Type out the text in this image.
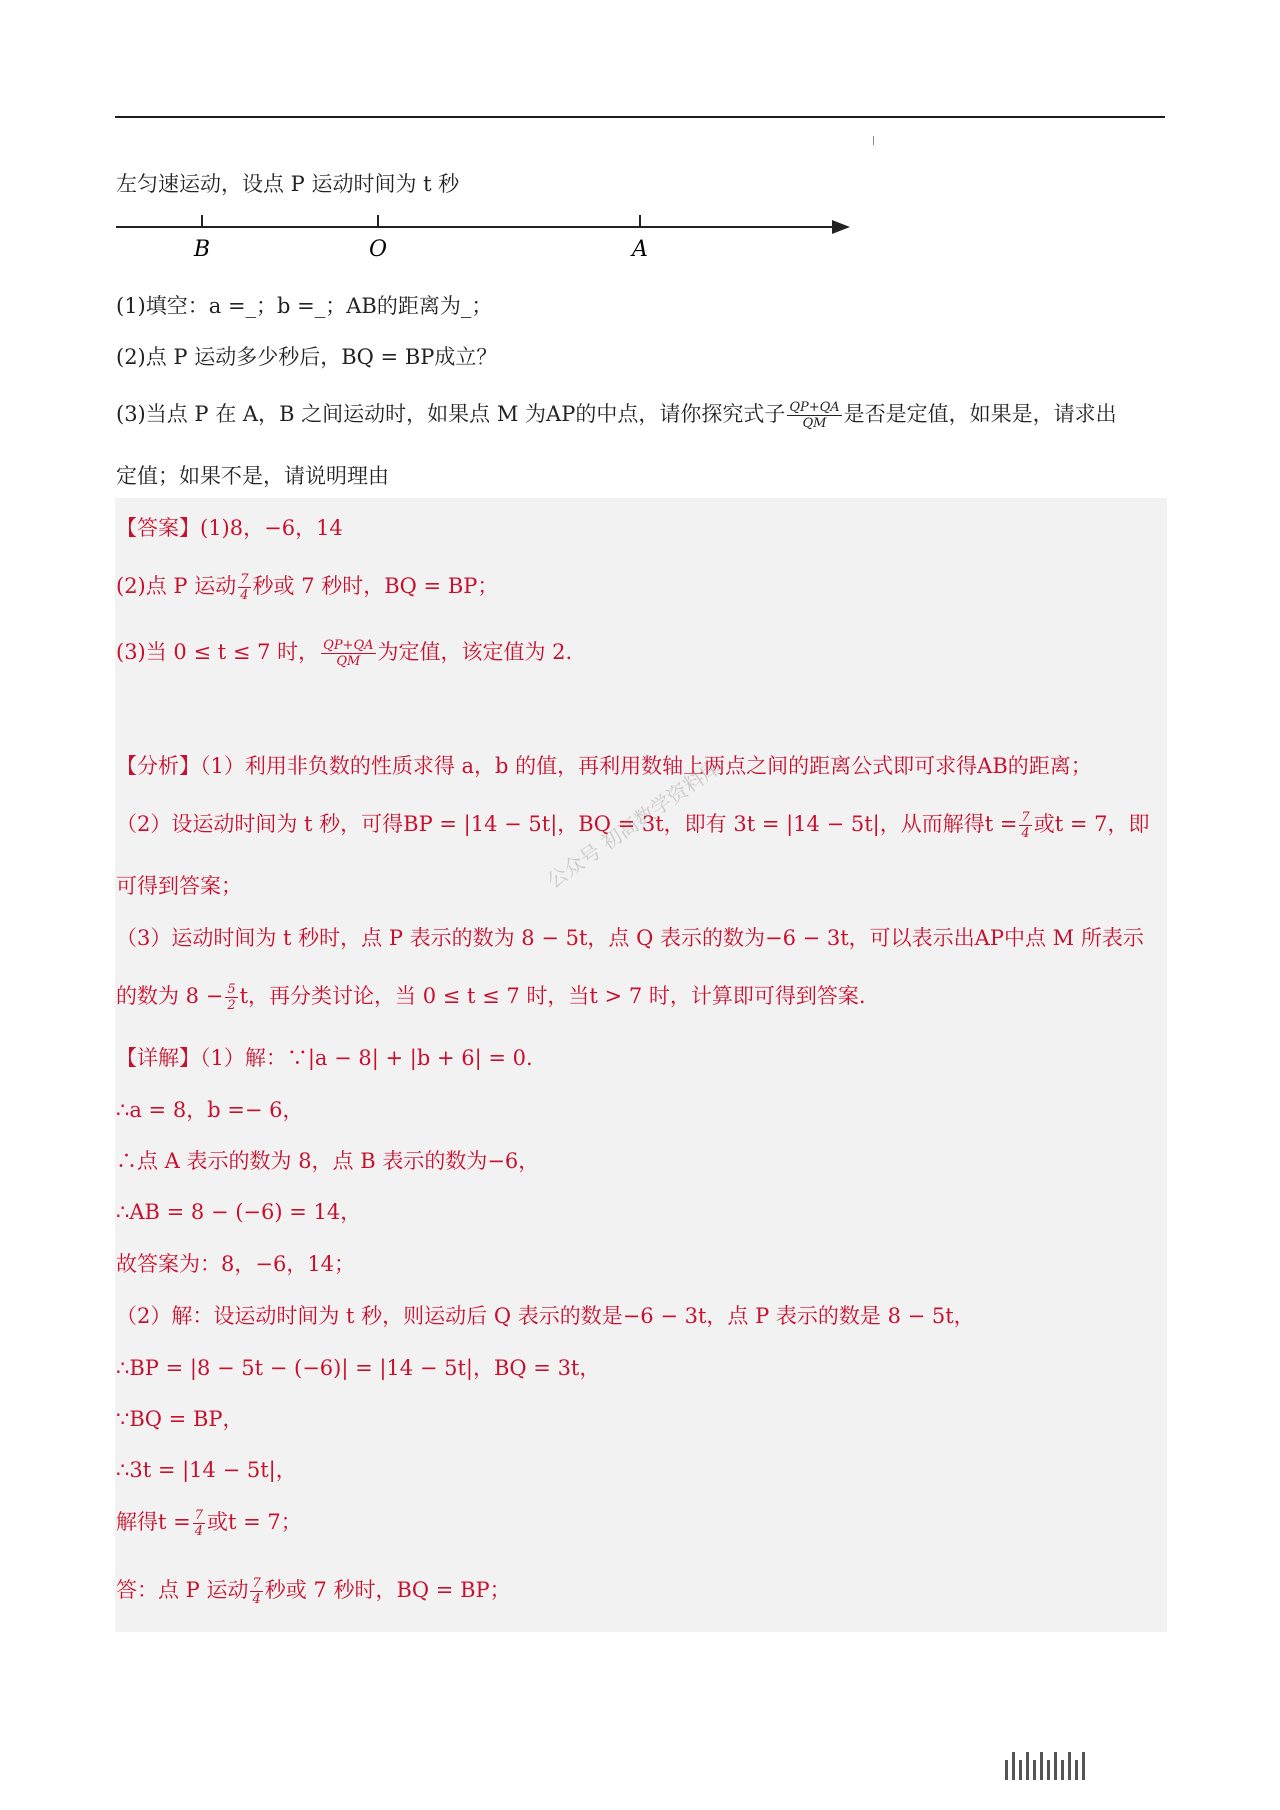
左匀速运动，设点 P 运动时间为 t 秒
B	O	A
(1)填空：a =_；b =_；AB的距离为_；
(2)点 P 运动多少秒后，BQ = BP成立？
(3)当点 P 在 A，B 之间运动时，如果点 M 为AP的中点，请你探究式子 $\frac{QP+QA}{QM}$ 是否是定值，如果是，请求出
定值；如果不是，请说明理由
公众号 初高数学资料库
【答案】(1)8，−6，14
(2)点 P 运动 $\frac{7}{4}$ 秒或 7 秒时，BQ = BP；
(3)当 0 ≤ t ≤ 7 时， $\frac{QP+QA}{QM}$ 为定值，该定值为 2.
【分析】（1）利用非负数的性质求得 a，b 的值，再利用数轴上两点之间的距离公式即可求得AB的距离；
（2）设运动时间为 t 秒，可得BP = |14 − 5t|，BQ = 3t，即有 3t = |14 − 5t|，从而解得$t = \frac{7}{4}$ 或t = 7，即
可得到答案；
（3）运动时间为 t 秒时，点 P 表示的数为 8 − 5t，点 Q 表示的数为−6 − 3t，可以表示出AP中点 M 所表示
的数为 $8 - \frac{5}{2}$ t，再分类讨论，当 0 ≤ t ≤ 7 时，当t > 7 时，计算即可得到答案.
【详解】（1）解：∵|a − 8| + |b + 6| = 0.
∴a = 8，b =− 6，
∴点 A 表示的数为 8，点 B 表示的数为−6，
∴AB = 8 − (−6) = 14，
故答案为：8，−6，14；
（2）解：设运动时间为 t 秒，则运动后 Q 表示的数是−6 − 3t，点 P 表示的数是 8 − 5t，
∴BP = |8 − 5t − (−6)| = |14 − 5t|，BQ = 3t，
∵BQ = BP，
∴3t = |14 − 5t|，
解得$t = \frac{7}{4}$ 或t = 7；
答：点 P 运动 $\frac{7}{4}$ 秒或 7 秒时，BQ = BP；
